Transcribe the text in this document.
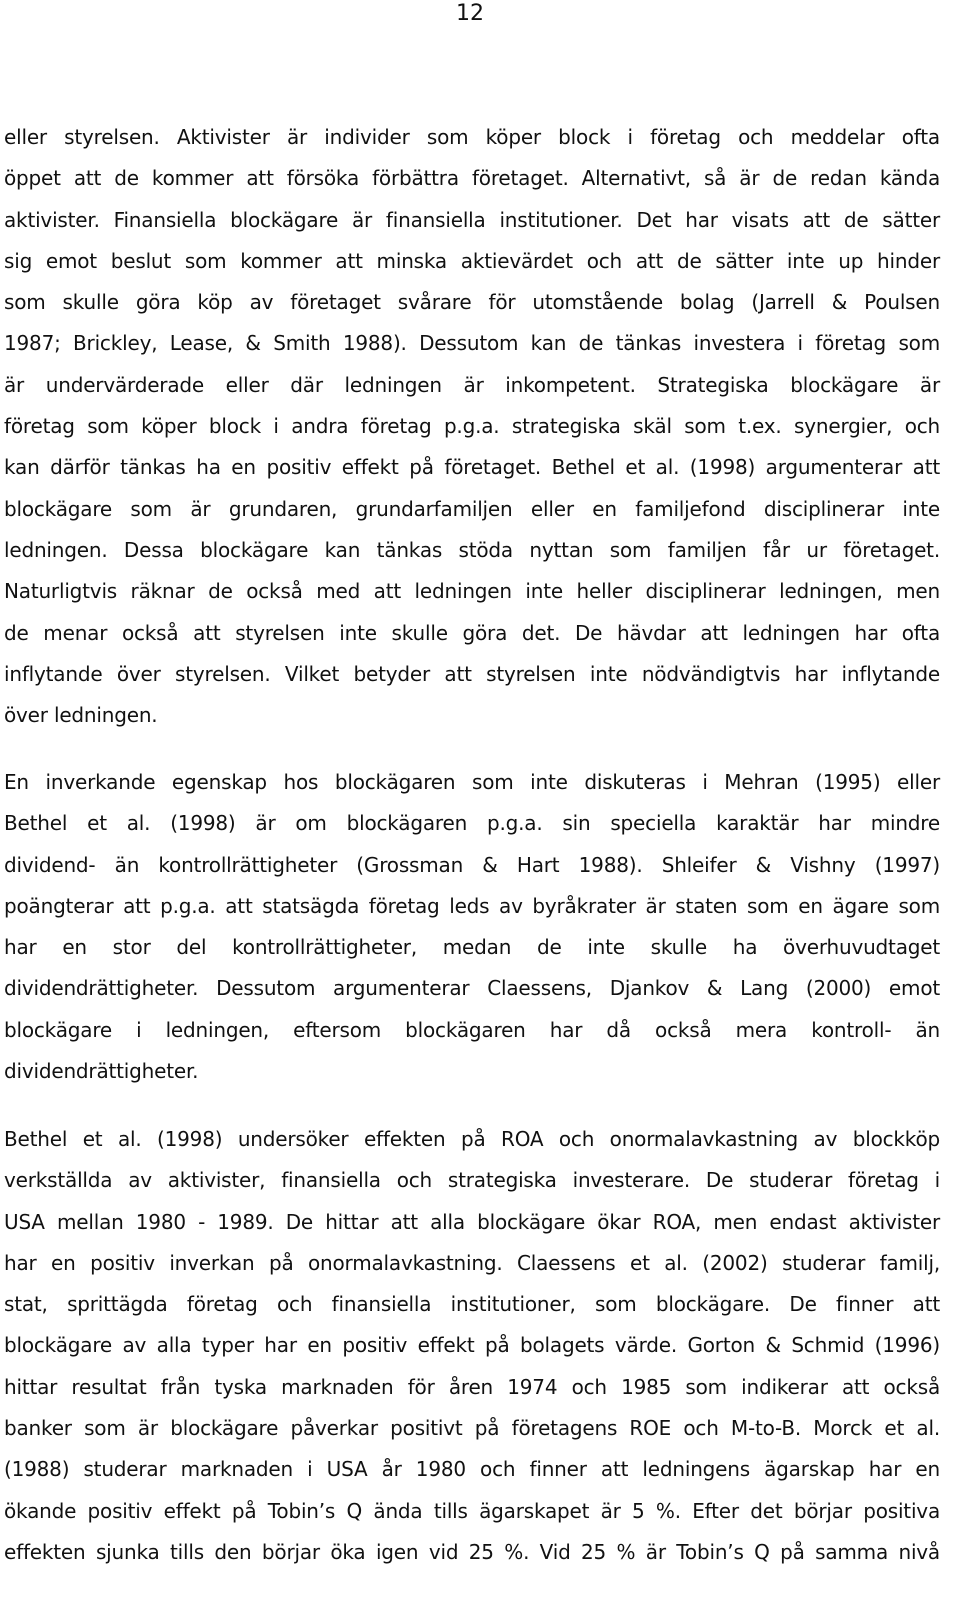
12
eller styrelsen. Aktivister är individer som köper block i företag och meddelar ofta
öppet att de kommer att försöka förbättra företaget. Alternativt, så är de redan kända
aktivister. Finansiella blockägare är finansiella institutioner. Det har visats att de sätter
sig emot beslut som kommer att minska aktievärdet och att de sätter inte up hinder
som skulle göra köp av företaget svårare för utomstående bolag (Jarrell & Poulsen
1987; Brickley, Lease, & Smith 1988). Dessutom kan de tänkas investera i företag som
är undervärderade eller där ledningen är inkompetent. Strategiska blockägare är
företag som köper block i andra företag p.g.a. strategiska skäl som t.ex. synergier, och
kan därför tänkas ha en positiv effekt på företaget. Bethel et al. (1998) argumenterar att
blockägare som är grundaren, grundarfamiljen eller en familjefond disciplinerar inte
ledningen. Dessa blockägare kan tänkas stöda nyttan som familjen får ur företaget.
Naturligtvis räknar de också med att ledningen inte heller disciplinerar ledningen, men
de menar också att styrelsen inte skulle göra det. De hävdar att ledningen har ofta
inflytande över styrelsen. Vilket betyder att styrelsen inte nödvändigtvis har inflytande
över ledningen.
En inverkande egenskap hos blockägaren som inte diskuteras i Mehran (1995) eller
Bethel et al. (1998) är om blockägaren p.g.a. sin speciella karaktär har mindre
dividend- än kontrollrättigheter (Grossman & Hart 1988). Shleifer & Vishny (1997)
poängterar att p.g.a. att statsägda företag leds av byråkrater är staten som en ägare som
har en stor del kontrollrättigheter, medan de inte skulle ha överhuvudtaget
dividendrättigheter. Dessutom argumenterar Claessens, Djankov & Lang (2000) emot
blockägare i ledningen, eftersom blockägaren har då också mera kontroll- än
dividendrättigheter.
Bethel et al. (1998) undersöker effekten på ROA och onormalavkastning av blockköp
verkställda av aktivister, finansiella och strategiska investerare. De studerar företag i
USA mellan 1980 - 1989. De hittar att alla blockägare ökar ROA, men endast aktivister
har en positiv inverkan på onormalavkastning. Claessens et al. (2002) studerar familj,
stat, sprittägda företag och finansiella institutioner, som blockägare. De finner att
blockägare av alla typer har en positiv effekt på bolagets värde. Gorton & Schmid (1996)
hittar resultat från tyska marknaden för åren 1974 och 1985 som indikerar att också
banker som är blockägare påverkar positivt på företagens ROE och M-to-B. Morck et al.
(1988) studerar marknaden i USA år 1980 och finner att ledningens ägarskap har en
ökande positiv effekt på Tobin’s Q ända tills ägarskapet är 5 %. Efter det börjar positiva
effekten sjunka tills den börjar öka igen vid 25 %. Vid 25 % är Tobin’s Q på samma nivå
